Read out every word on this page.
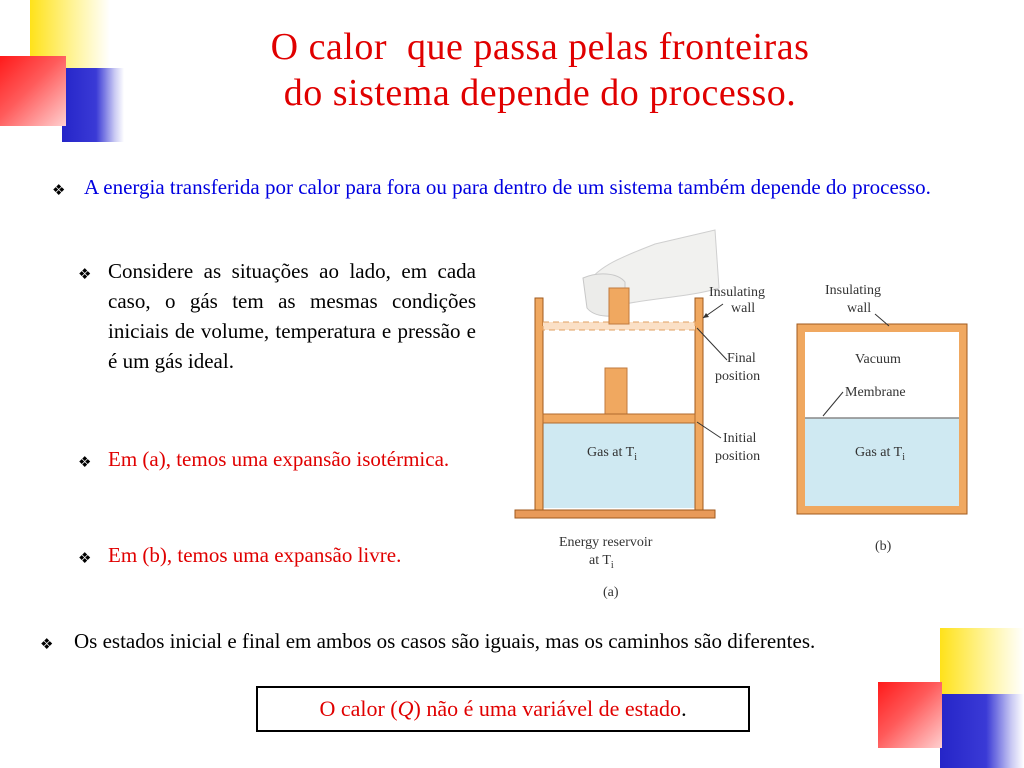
O calor  que passa pelas fronteiras
do sistema depende do processo.
❖ A energia transferida por calor para fora ou para dentro de um sistema também depende do processo.
❖ Considere as situações ao lado, em cada caso, o gás tem as mesmas condições iniciais de volume, temperatura e pressão e é um gás ideal.
❖ Em (a), temos uma expansão isotérmica.
❖ Em (b), temos uma expansão livre.
❖ Os estados inicial e final em ambos os casos são iguais, mas os caminhos são diferentes.
O calor (Q) não é uma variável de estado.
Insulating
wall
Final
position
Initial
position
Gas at $T_i$
Energy reservoir
at $T_i$
(a)
Insulating
wall
Vacuum
Membrane
Gas at $T_i$
(b)
